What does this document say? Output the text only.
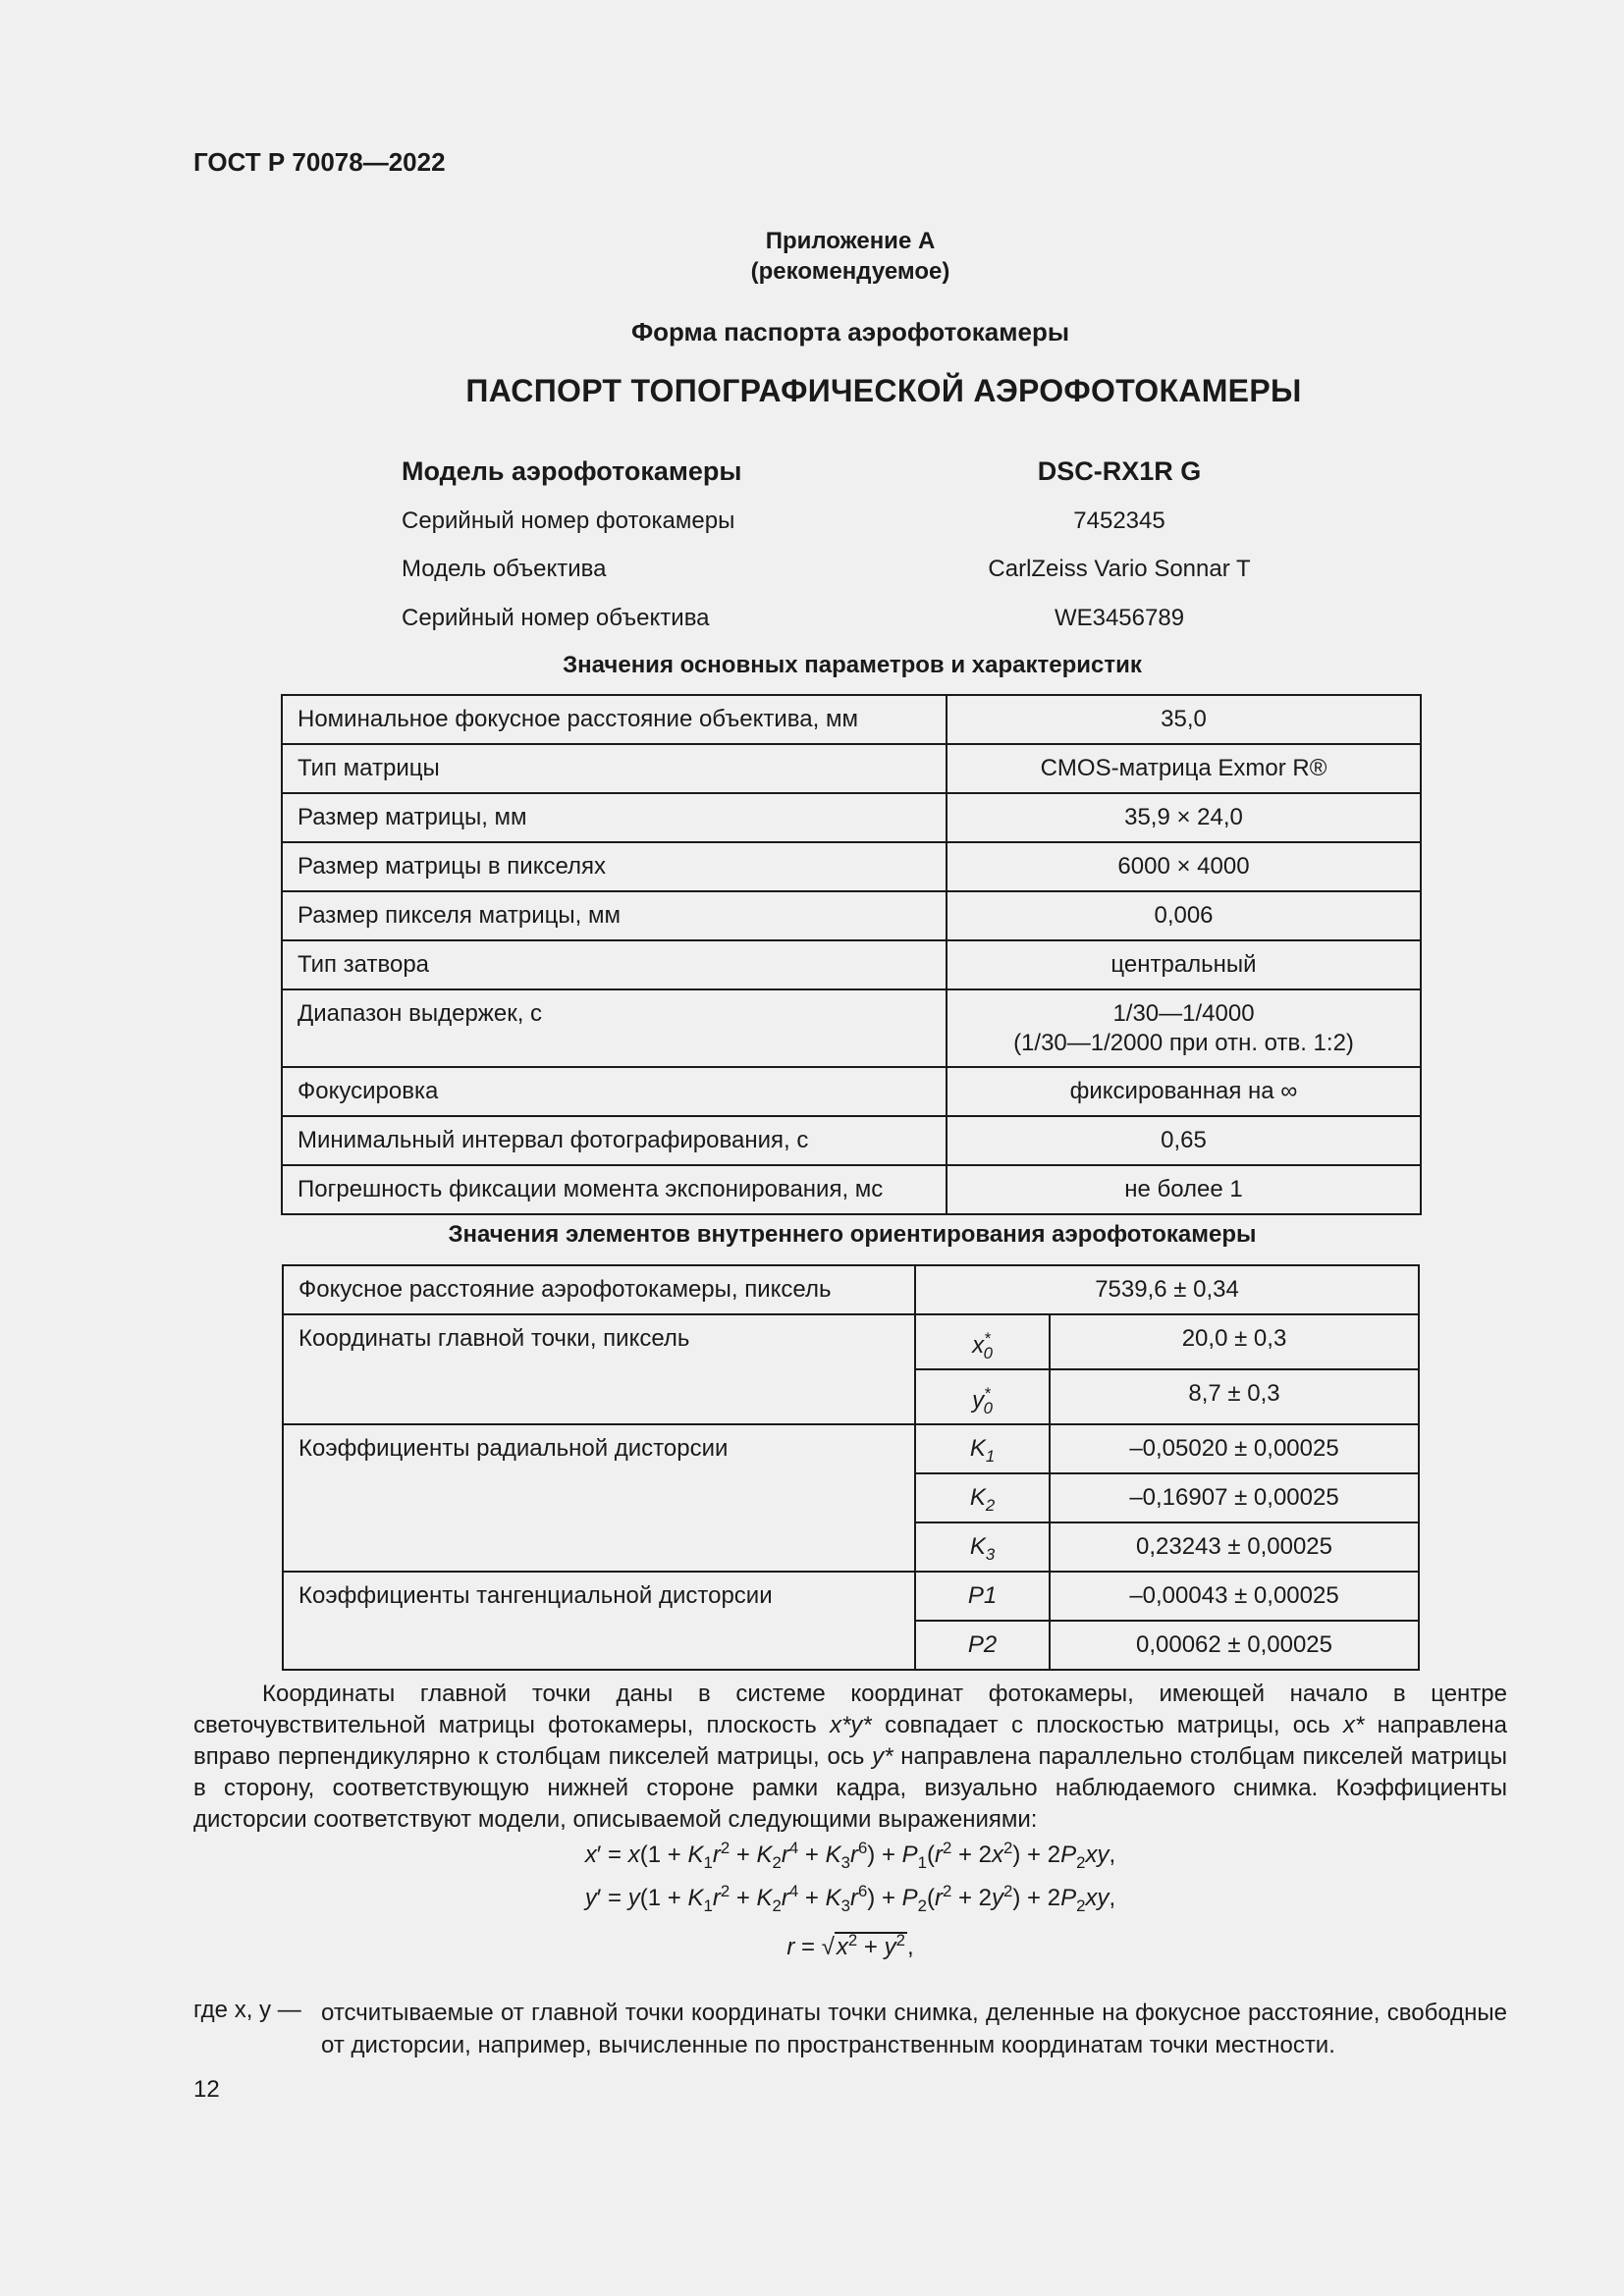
ГОСТ Р 70078—2022
Приложение А
(рекомендуемое)
Форма паспорта аэрофотокамеры
ПАСПОРТ ТОПОГРАФИЧЕСКОЙ АЭРОФОТОКАМЕРЫ
Модель аэрофотокамеры	DSC-RX1R G
Серийный номер фотокамеры	7452345
Модель объектива	CarlZeiss Vario Sonnar T
Серийный номер объектива	WE3456789
Значения основных параметров и характеристик
Номинальное фокусное расстояние объектива, мм	35,0
Тип матрицы	CMOS-матрица Exmor R®
Размер матрицы, мм	35,9 × 24,0
Размер матрицы в пикселях	6000 × 4000
Размер пикселя матрицы, мм	0,006
Тип затвора	центральный
Диапазон выдержек, с	1/30—1/4000
(1/30—1/2000 при отн. отв. 1:2)

Фокусировка	фиксированная на ∞
Минимальный интервал фотографирования, с	0,65
Погрешность фиксации момента экспонирования, мс	не более 1
Значения элементов внутреннего ориентирования аэрофотокамеры
Фокусное расстояние аэрофотокамеры, пиксель	7539,6 ± 0,34	
Координаты главной точки, пиксель	$x^*_0$	20,0 ± 0,3
	$y^*_0$	8,7 ± 0,3
Коэффициенты радиальной дисторсии	$K_1$	–0,05020 ± 0,00025
	$K_2$	–0,16907 ± 0,00025
	$K_3$	0,23243 ± 0,00025
Коэффициенты тангенциальной дисторсии	P1	–0,00043 ± 0,00025
	P2	0,00062 ± 0,00025
Координаты главной точки даны в системе координат фотокамеры, имеющей начало в центре светочувствительной матрицы фотокамеры, плоскость x*y* совпадает с плоскостью матрицы, ось x* направлена вправо перпендикулярно к столбцам пикселей матрицы, ось y* направлена параллельно столбцам пикселей матрицы в сторону, соответствующую нижней стороне рамки кадра, визуально наблюдаемого снимка. Коэффициенты дисторсии соответствуют модели, описываемой следующими выражениями:
$x' = x(1 + K_1r^2 + K_2r^4 + K_3r^6) + P_1(r^2 + 2x^2) + 2P_2xy$,
$y' = y(1 + K_1r^2 + K_2r^4 + K_3r^6) + P_2(r^2 + 2y^2) + 2P_2xy$,
$r = √x^2 + y^2$,
где x, y — отсчитываемые от главной точки координаты точки снимка, деленные на фокусное расстояние, свободные от дисторсии, например, вычисленные по пространственным координатам точки местности.
12
